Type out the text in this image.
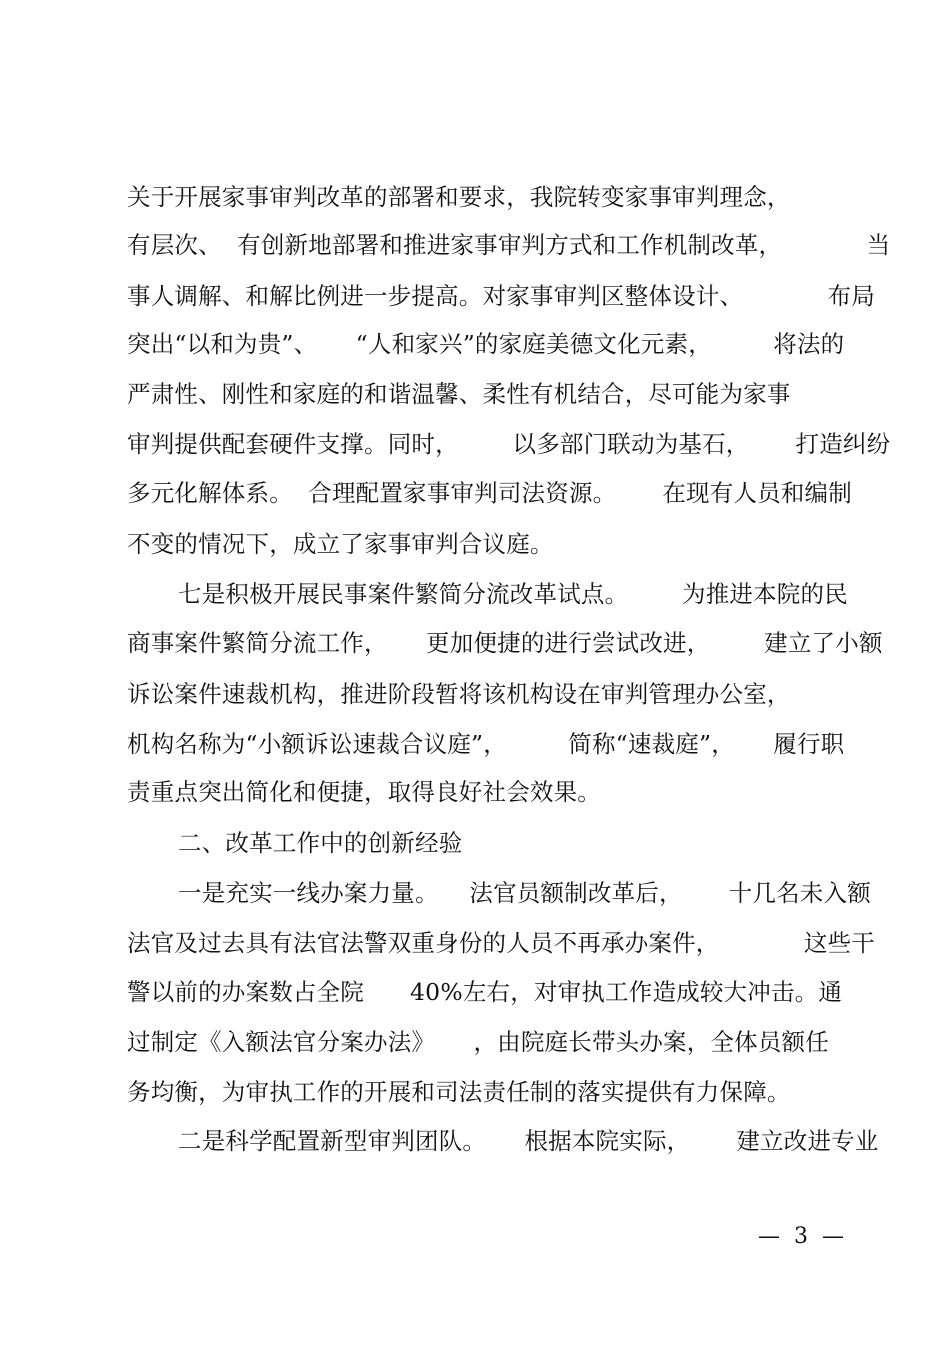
关于开展家事审判改革的部署和要求，我院转变家事审判理念，
有层次、  有创新地部署和推进家事审判方式和工作机制改革，           当
事人调解、和解比例进一步提高。对家事审判区整体设计、           布局
突出“以和为贵”、     “人和家兴”的家庭美德文化元素，        将法的
严肃性、刚性和家庭的和谐温馨、柔性有机结合，尽可能为家事
审判提供配套硬件支撑。同时，       以多部门联动为基石，      打造纠纷
多元化解体系。  合理配置家事审判司法资源。      在现有人员和编制
不变的情况下，成立了家事审判合议庭。
七是积极开展民事案件繁简分流改革试点。       为推进本院的民
商事案件繁简分流工作，     更加便捷的进行尝试改进，       建立了小额
诉讼案件速裁机构，推进阶段暂将该机构设在审判管理办公室，
机构名称为“小额诉讼速裁合议庭”，        简称“速裁庭”，     履行职
责重点突出简化和便捷，取得良好社会效果。
二、改革工作中的创新经验
一是充实一线办案力量。    法官员额制改革后，      十几名未入额
法官及过去具有法官法警双重身份的人员不再承办案件，           这些干
警以前的办案数占全院      40%左右，对审执工作造成较大冲击。通
过制定《入额法官分案办法》     ，由院庭长带头办案，全体员额任
务均衡，为审执工作的开展和司法责任制的落实提供有力保障。
二是科学配置新型审判团队。     根据本院实际，      建立改进专业
—  3  —
